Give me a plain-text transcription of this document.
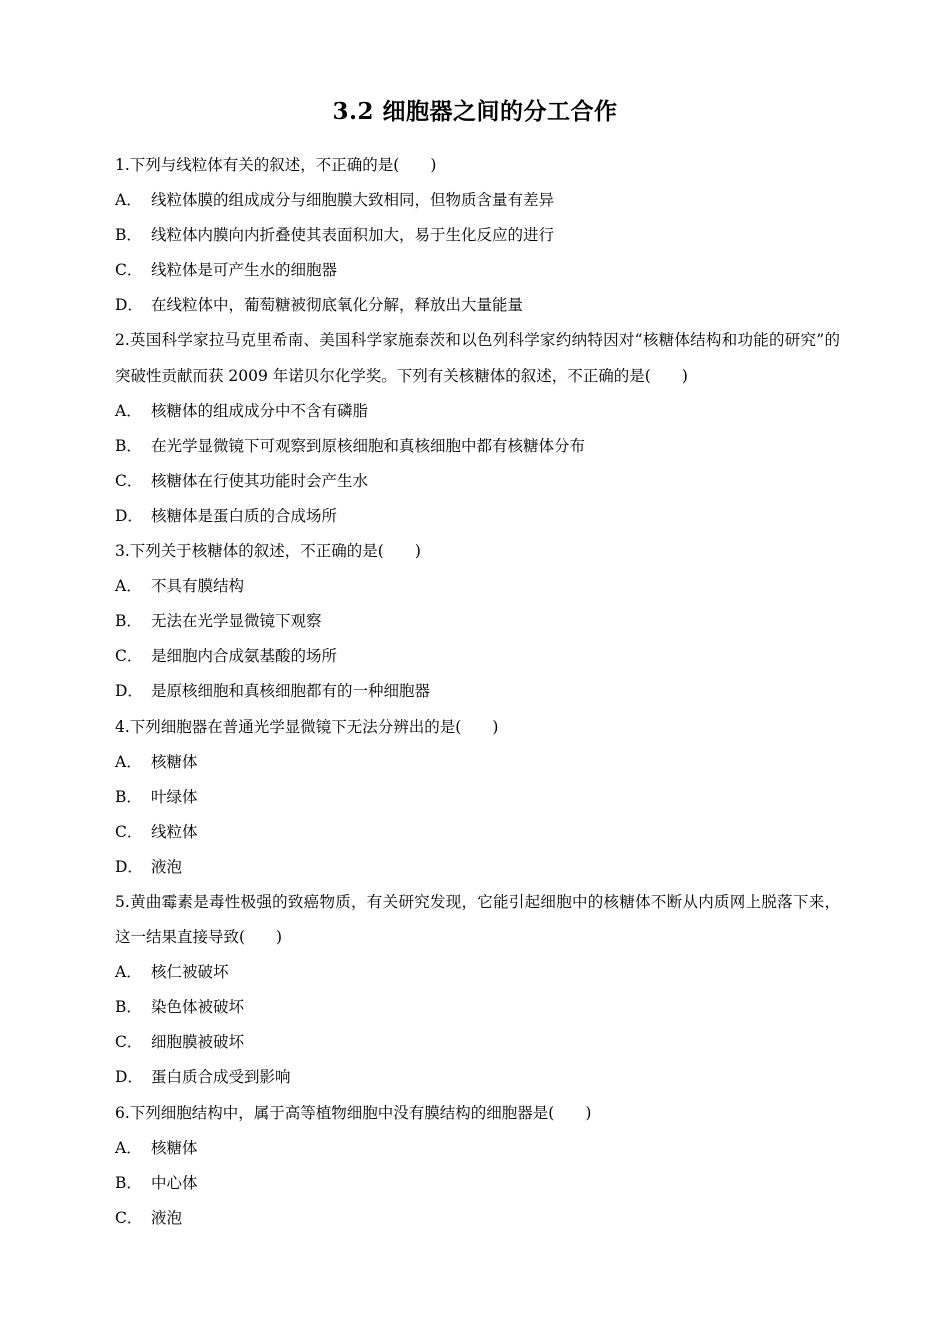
3.2 细胞器之间的分工合作
1.下列与线粒体有关的叙述，不正确的是(　　)
A． 线粒体膜的组成成分与细胞膜大致相同，但物质含量有差异
B． 线粒体内膜向内折叠使其表面积加大，易于生化反应的进行
C． 线粒体是可产生水的细胞器
D． 在线粒体中，葡萄糖被彻底氧化分解，释放出大量能量
2.英国科学家拉马克里希南、美国科学家施泰茨和以色列科学家约纳特因对“核糖体结构和功能的研究”的突破性贡献而获 2009 年诺贝尔化学奖。下列有关核糖体的叙述，不正确的是(　　)
A． 核糖体的组成成分中不含有磷脂
B． 在光学显微镜下可观察到原核细胞和真核细胞中都有核糖体分布
C． 核糖体在行使其功能时会产生水
D． 核糖体是蛋白质的合成场所
3.下列关于核糖体的叙述，不正确的是(　　)
A． 不具有膜结构
B． 无法在光学显微镜下观察
C． 是细胞内合成氨基酸的场所
D． 是原核细胞和真核细胞都有的一种细胞器
4.下列细胞器在普通光学显微镜下无法分辨出的是(　　)
A． 核糖体
B． 叶绿体
C． 线粒体
D． 液泡
5.黄曲霉素是毒性极强的致癌物质，有关研究发现，它能引起细胞中的核糖体不断从内质网上脱落下来，这一结果直接导致(　　)
A． 核仁被破坏
B． 染色体被破坏
C． 细胞膜被破坏
D． 蛋白质合成受到影响
6.下列细胞结构中，属于高等植物细胞中没有膜结构的细胞器是(　　)
A． 核糖体
B． 中心体
C． 液泡
